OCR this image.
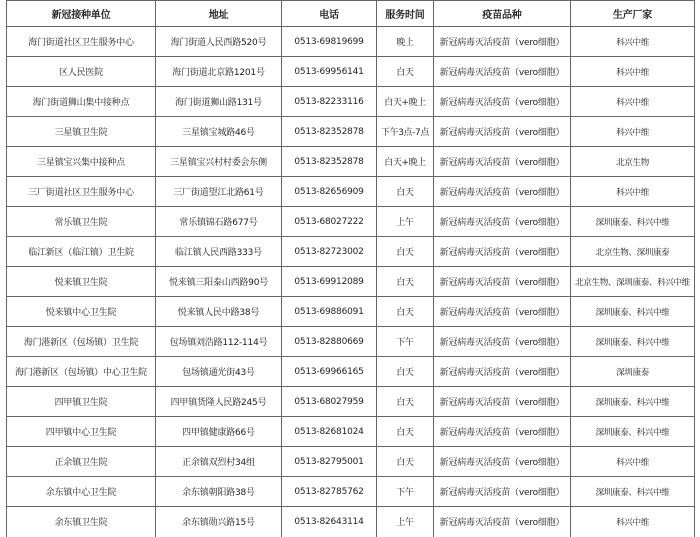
新冠接种单位	地址	电话	服务时间	疫苗品种	生产厂家
海门街道社区卫生服务中心	海门街道人民西路520号	0513-69819699	晚上	新冠病毒灭活疫苗（vero细胞）	科兴中维
区人民医院	海门街道北京路1201号	0513-69956141	白天	新冠病毒灭活疫苗（vero细胞）	科兴中维
海门街道狮山集中接种点	海门街道狮山路131号	0513-82233116	白天+晚上	新冠病毒灭活疫苗（vero细胞）	科兴中维
三星镇卫生院	三星镇宝城路46号	0513-82352878	下午3点-7点	新冠病毒灭活疫苗（vero细胞）	科兴中维
三星镇宝兴集中接种点	三星镇宝兴村村委会东侧	0513-82352878	白天+晚上	新冠病毒灭活疫苗（vero细胞）	北京生物
三厂街道社区卫生服务中心	三厂街道望江北路61号	0513-82656909	白天	新冠病毒灭活疫苗（vero细胞）	科兴中维
常乐镇卫生院	常乐镇锦石路677号	0513-68027222	上午	新冠病毒灭活疫苗（vero细胞）	深圳康泰、科兴中维
临江新区（临江镇）卫生院	临江镇人民西路333号	0513-82723002	白天	新冠病毒灭活疫苗（vero细胞）	北京生物、深圳康泰
悦来镇卫生院	悦来镇三阳泰山西路90号	0513-69912089	白天	新冠病毒灭活疫苗（vero细胞）	北京生物、深圳康泰、科兴中维
悦来镇中心卫生院	悦来镇人民中路38号	0513-69886091	白天	新冠病毒灭活疫苗（vero细胞）	深圳康泰、科兴中维
海门港新区（包场镇）卫生院	包场镇刘浩路112-114号	0513-82880669	下午	新冠病毒灭活疫苗（vero细胞）	深圳康泰、科兴中维
海门港新区（包场镇）中心卫生院	包场镇通光街43号	0513-69966165	白天	新冠病毒灭活疫苗（vero细胞）	深圳康泰
四甲镇卫生院	四甲镇货隆人民路245号	0513-68027959	白天	新冠病毒灭活疫苗（vero细胞）	深圳康泰、科兴中维
四甲镇中心卫生院	四甲镇健康路66号	0513-82681024	白天	新冠病毒灭活疫苗（vero细胞）	深圳康泰、科兴中维
正余镇卫生院	正余镇双烈村34组	0513-82795001	白天	新冠病毒灭活疫苗（vero细胞）	科兴中维
余东镇中心卫生院	余东镇朝阳路38号	0513-82785762	下午	新冠病毒灭活疫苗（vero细胞）	深圳康泰、科兴中维
余东镇卫生院	余东镇勋兴路15号	0513-82643114	上午	新冠病毒灭活疫苗（vero细胞）	科兴中维
